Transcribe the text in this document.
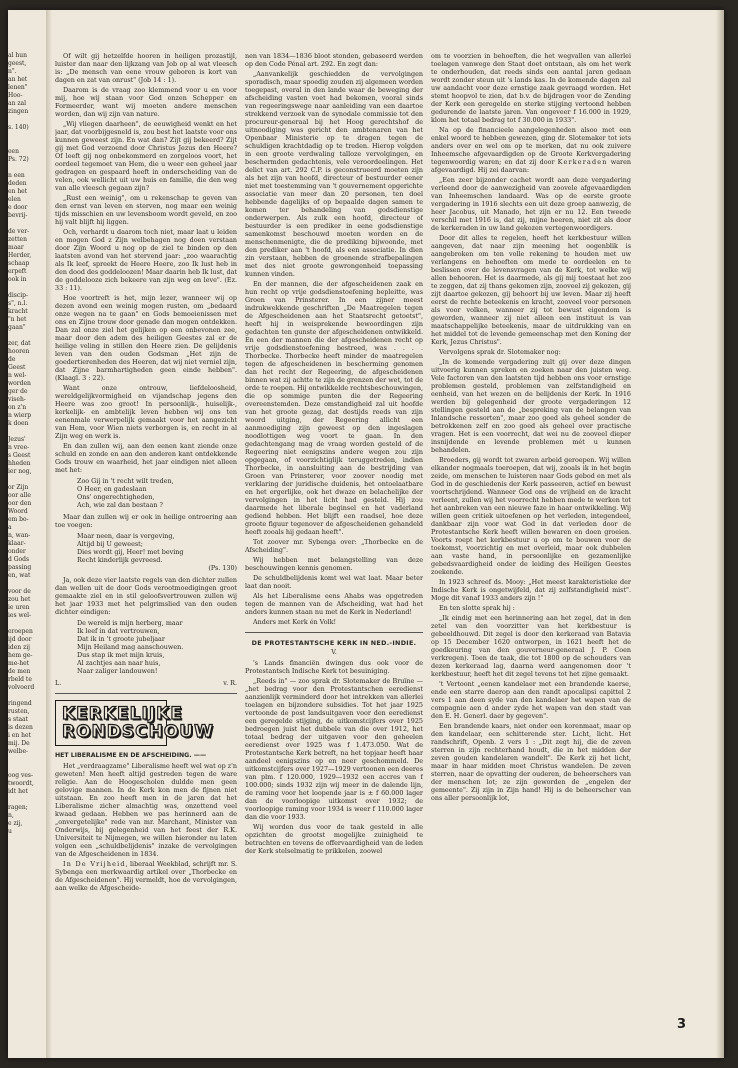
al hun
geest,
n".
an het
lenen"
Hoo-
an zal
zingen

s. 140)

een
Ps. 72)

n een
deden
en het
elen
e door
bevrij-

de ver-
zetten
maar
Herder,
schaap
erpeft
ook in

discip-
s", n.l.
kracht
"n het
gaan"

zer, dat
hooren
de
Geest
n wel-
worden
ger de
viseh-
on z'n
n wierp
k doen

Jezus'
n vree-
s Geest
hheden
ier nog,

or Zijn
oor alle
oor den
Woord
em bo-
a
n, wan-
klaar-
onder
d Gods
passing
en, wat

voor de
zou het
ie uren
ies wel-

eroepen
ijd door
iden zij
hem ge-
me-het
de men
rbeld te
volvoerd

ringend
rusten,
s staat
is dezen
i en het
mij. De
welbe-

oog ves-
twoordt,
idt het

ragen;
n,
e zij,
u

Of wilt gij hetzelfde hooren in heiligen prozastijl, luister dan naar den lijkzang van Job op al wat vleesch is: „De mensch van eene vrouw geboren is kort van dagen en zat van onrust" (Job 14 : 1).

Daarom is de vraag zoo klemmend voor u en voor mij, hoe wij staan voor God onzen Schepper en Formeerder, want wij moeten andere menschen worden, dan wij zijn van nature.

„Wij vliegen daarheen", de eeuwigheid wenkt en het jaar, dat voorbijgesneld is, zou best het laatste voor ons kunnen geweest zijn. En wat dan? Zijt gij bekeerd? Zijt gij met God verzoend door Christus Jezus den Heere? Of leeft gij nog onbekommerd en zorgeloos voort, het oordeel tegemoet van Hem, die u weer een geheel jaar gedragen en gespaard heeft in onderscheiding van de velen, ook wellicht uit uw huis en familie, die den weg van alle vleesch gegaan zijn?

„Rust een weinig", om u rekenschap te geven van den ernst van leven en sterven, nog maar een weinig tijds misschien en uw levensboom wordt geveld, en zoo hij valt blijft hij liggen.

Och, verhardt u daarom toch niet, maar laat u leiden en mogen God z Zijn welbehagen nog doen verstaan door Zijn Woord u nog op de ziel te binden op den laatsten avond van het stervend jaar: „zoo waarachtig als Ik leef, spreekt de Heere Heere, zoo Ik lust heb in den dood des goddeloozen! Maar daarin heb Ik lust, dat de goddelooze zich bekeere van zijn weg en leve". (Ez. 33 : 11).

Hoe voortreft is het, mijn lezer, wanneer wij op dezen avond een weinig mogen rusten, om „bedaard onze wegen na te gaan" en Gods bemoeienissen met ons en Zijne trouw door genade dan mogen ontdekken. Dan zal onze ziel het gelijken op een onbevonen zee, maar door den adem des heiligen Geestes zal er de heilige veling in stillen den Heere zien. De gelijdenis leven van den ouden Godsman „Het zijn de goedertierenheden des Heeren, dat wij niet verniel zijn, dat Zijne barmhartigheden geen einde hebben". (Klaagl. 3 : 22).

Want onze ontrouw, liefdeloosheid, wereldgelijkvormigheid en vijandschap jegens den Heere was zoo groot! In persoonlijk-, huiselijk-, kerkelijk- en ambtelijk leven hebben wij ons ten eenenmale verwerpelijk gemaakt voor het aangezicht van Hem, voor Wien niets verborgen is, en recht in al Zijn weg en werk is.

En dan zullen wij, aan den eenen kant ziende onze schuld en zonde en aan den anderen kant ontdekkende Gods trouw en waarheid, het jaar eindigen niet alleen met het:

Zoo Gij in 't recht wilt treden,
O Heer, en gadeslaan
Ons' ongerechtigheden,
Ach, wie zal dan bestaan ?

Maar dan zullen wij er ook in heilige ontroering aan toe voegen:

Maar neen, daar is vergeving,
Altijd bij U geweest;
Dies wordt gij, Heer! met beving
Recht kinderlijk gevreesd.
(Ps. 130)

Ja, ook deze vier laatste regels van den dichter zullen dan wellen uit de door Gods verootmoedigingen groot gemaakte ziel en in stil geloofsvertrouwen zullen wij het jaar 1933 met het pelgrimslied van den ouden dichter eindigen:

De wereld is mijn herberg, maar
Ik leef in dat vertrouwen,
Dat ik in 't groote jubeljaar
Mijn Heiland mag aanschouwen.
Dus stap ik met mijn kruis,
Al zachtjes aan naar huis,
Naar zaliger landouwen!
L.	v. R.
KERKELIJKE
RONDSCHOUW
HET LIBERALISME EN DE AFSCHEIDING. ——

Het „verdraagzame" Liberalisme heeft wel wat op z'n geweten! Men heeft altijd gestreden tegen de ware religie. Aan de Hoogescholen duldde men geen gelovige mannen. In de Kerk kon men de fijnen niet uitstaan. En zoo heeft men in de jaren dat het Liberalisme zicher almachtig was, onzettend veel kwaad gedaan. Hebben we pas herinnerd aan de „onvergetelijke" rede van mr. Marchant, Minister van Onderwijs, bij gelegenheid van het feest der R.K. Universiteit te Nijmegen, we willen hieronder nu laten volgen een „schuldbelijdenis" inzake de vervolgingen van de Afgescheidenen in 1834.

In De Vrijheid, liberaal Weekblad, schrijft mr. S. Sybenga een merkwaardig artikel over „Thorbecke en de Afgescheidenen". Hij vermeldt, hoe de vervolgingen, aan welke de Afgescheide-

nen van 1834—1836 bloot stonden, gebaseerd werden op den Code Pénal art. 292. En zegt dan:

„Aanvankelijk geschiedden de vervolgingen sporadisch, maar spoedig zouden zij algemeen worden toegepast, overal in den lande waar de beweging der afscheiding vasten voet had bekomen, vooral sinds van regeeringswege naar aanleiding van een daartoe strekkend verzoek van de synodale commissie tot den procureur-generaal bij het Hoog gerechtshof de uitnoodiging was gericht den ambtenaren van het Openbaar Ministerie op te dragen tegen de schuldigen krachtdadig op te treden. Hierop volgden in een groote verdwaling talloze vervolgingen, en beschermden gedachtenis, vele veroordeelingen. Het delict van art. 292 C.P. is geconstrueerd moeten zijn als het zijn van hoofd, directeur of bestuurder eener niet met toestemming van 't gouvernement opgerichte associatie van meer dan 20 personen, ten doel hebbende dagelijks of op bepaalde dagen samen te komen ter behandeling van godsdienstige onderwerpen. Als zulk een hoofd, directeur of bestuurder is een prediker in eene godsdienstige samenkomst beschouwd moeten worden en de menschenmenigte, die de prediking bijwoonde, met den prediker aan 't hoofd, als een associatie. In dien zin verstaan, hebben de groenende strafbepalingen met des niet groote gewrongenheid toepassing kunnen vinden.

En der mannen, die der afgescheidenen zaak en hun recht op vrije godsdienstoefening bepleitte, was Groen van Prinsterer. In een zijner meest indrukwekkende geschriften „De Maatregelen tegen de Afgescheidenen aan het Staatsrecht getoetst", heeft hij in weisprekende bewoordingen zijn gedachten ten gunste der afgescheidenen ontwikkeld. En een der mannen die der afgescheidenen recht op vrije godsdienstoefening bestreed, was . . . . Thorbecke. Thorbecke heeft minder de maatregelen tegen de afgescheidenen in bescherming genomen dan het recht der Regeering, de afgescheidenen binnen wat zij achtte te zijn de grenzen der wet, tot de orde te roepen. Hij ontwikkelde rechtsbeschouwingen, die op sommige punten die der Regeering overeenstemden. Deze omstandigheid zal uit hoofde van het groote gezag, dat destijds reeds van zijn woord uitging, der Regeering allicht een aanmoediging zijn geweest op den ingeslagen noodlottigen weg voort te gaan. In den gedachtengang mag de vraag worden gesteld of de Regeering niet eenigszins andere wegen zou zijn opgegaan, of voorzichtiglijk teruggetreden, indien Thorbecke, in aansluiting aan de bestrijding van Groen van Prinsterer, voor zoover noodig met verklaring der juridische duidenis, het ontoelaatbare en het ergerlijke, ook het dwaze en belachelijke der vervolgingen in het licht had gesteld. Hij zou daarmede het liberale beginsel en het vaderland gediend hebben. Het blijft een raadsel, hoe deze groote figuur tegenover de afgescheidenen gehandeld heeft zooals hij gedaan heeft".

Tot zoover mr. Sybenga over: „Thorbecke en de Afscheiding".

Wij hebben met belangstelling van deze beschouwingen kennis genomen.

De schuldbelijdenis komt wel wat laat. Maar beter laat dan nooit.

Als het Liberalisme eens Ahabs was opgetreden tegen de mannen van de Afscheiding, wat had het anders kunnen staan nu met de Kerk in Nederland!

Anders met Kerk én Volk!

DE PROTESTANTSCHE KERK IN NED.-INDIE.
V.

's Lands financiën dwingen dus ook voor de Protestantsch Indische Kerk tot besuiniging.

„Reeds in" — zoo sprak dr. Slotemaker de Bruïne — „het bedrag voor den Protestantschen eeredienst aanzienlijk verminderd door het intrekken van allerlei toelagen en bijzondere subsidies. Tot het jaar 1925 vertoonde de post landsuitgaven voor den eeredienst een geregelde stijging, de uitkomstcijfers over 1925 bedroegen juist het dubbele van die over 1912, het totaal bedrag der uitgaven voor den geheelen eeredienst over 1925 was f 1.473.050. Wat de Protestantsche Kerk betreft, na het topjaar heeft haar aandeel eenigszins op en neer geschommeld. De uitkomstcijfers over 1927—1929 vertoonen een deeres van plm. f 120.000, 1929—1932 een accres van f 100.000; sinds 1932 zijn wij meer in de dalende lijn, de raming voor het loopende jaar is ± f 60.000 lager dan de voorloopige uitkomst over 1932; de voorloopige raming voor 1934 is weer f 110.000 lager dan die voor 1933.

Wij worden dus voor de taak gesteld in alle opzichten de grootst mogelijke zuinigheid te betrachten en tevens de offervaardigheid van de leden der Kerk stelselmatig te prikkelen, zoowel

om te voorzien in behoeften, die het wegvallen van allerlei toelagen vanwege den Staat doet ontstaan, als om het werk te onderhouden, dat reeds sinds een aantal jaren gedaan wordt zonder steun uit 's lands kas. In de komende dagen zal uw aandacht voor deze ernstige zaak gevraagd worden. Het stemt hoopvol te zien, dat b.v. de bijdragen voor de Zending der Kerk een geregelde en sterke stijging vertoond hebben gedurende de laatste jaren. Van ongeveer f 16.000 in 1929, klom het totaal bedrag tot f 30.000 in 1933".

Na op de financieele aangelegenheden alsoo met een enkel woord te hebben gewezen, ging dr. Slotemaker tot iets anders over en wel om op te merken, dat nu ook zuivere Inheemsche afgevaardigden op de Groote Kerkvergadering tegenwoordig waren; en dat zij door Kerkeraden waren afgevaardigd. Hij zei daarvan:

„Een zeer bijzonder cachet wordt aan deze vergadering verleend door de aanwezigheid van zoovele afgevaardigden van Inheemschen landaard. Was op de eerste groote vergadering in 1916 slechts een uit deze groep aanwezig, de heer Jacobus, uit Manado, het zijn er nu 12. Een tweede verschil met 1916 is, dat zij, mijne heeren, niet zit als door de kerkeraden in uw land gekozen vertegenwoordigers.

Door dit alles te regelen, heeft het kerkbestuur willen aangeven, dat naar zijn meening het oogenblik is aangebroken om ten volle rekening te houden met uw verlangens en behoeften om mede te oordeelen en te beslissen over de levensvragen van de Kerk, tot welke wij allen behooren. Het is daarmede, als gij mij toestaat het zoo te zeggen, dat zij thans gekomen zijn, zooveel zij gekozen, gij zijt daartoe gekozen, gij behoort bij uw leven. Maar zij heeft eerst de rechte beteekenis en kracht, zooveel voor personen als voor volken, wanneer zij tot bewust eigendom is geworden, wanneer zij niet alleen een instituut is van maatschappelijke beteekenis, maar de uitdrukking van en het middel tot de levende gemeenschap met den Koning der Kerk, Jezus Christus".

Vervolgens sprak dr. Slotemaker nog:

„In de komende vergadering zult gij over deze dingen uitvoerig kunnen spreken en zoeken naar den juisten weg. Vele factoren van den laatsten tijd hebben ons voor ernstige problemen gesteld, problemen van zelfstandigheid en eenheid, van het wezen en de belijdenis der Kerk. In 1916 werden bij gelegenheid der groote vergaderingen 12 stellingen gesteld aan de „bespreking van de belangen van Inlandsche ressorten", maar zoo goed als geheel sonder de betrokkenen zelf en zoo goed als geheel over practische vragen. Het is een voorrecht, dat wei nu de zooveel dieper insnijdende en levende problemen mét u kunnen behandelen.

Broeders, gij wordt tot zwaren arbeid geroepen. Wij willen elkander nogmaals toeroepen, dat wij, zooals ik in het begin zeide, om menschen te luisteren naar Gods gebod en met als God in de geschiedenis der Kerk passeeren, actief en bewust voortschrijdend. Wanneer God ons de vrijheid en de kracht verleent, zullen wij het voorrecht hebben mede te werken tot het aanbreken van een nieuwe faze in haar ontwikkeling. Wij willen geen critiek uitoefenen op het verleden, integendeel, dankbaar zijn voor wat God in dat verleden door de Protestantsche Kerk heeft willen bewaren en doen groeien. Voorts roept het kerkbestuur u op om te bouwen voor de toekomst, voorzichtig en met overleid, maar ook dubbelen aan vaste hand, in persoonlijke en gezamenlijke gebedsvaardigheid onder de leiding des Heiligen Geestes zoekende.

In 1923 schreef ds. Mooy: „Het meest karakteristieke der Indische Kerk is ongetwijfeld, dat zij zelfstandigheid mist". Moge dit vanaf 1933 anders zijn !"

En ten slotte sprak hij :

„Ik eindig met een herinnering aan het zegel, dat in den zetel van den voorzitter van het kerkbestuur is gebeeldhouwd. Dit zegel is door den kerkeraad van Batavia op 15 December 1620 ontworpen, in 1621 heeft het de goedkeuring van den gouverneur-generaal J. P. Coen verkregen). Toen de taak, die tot 1800 op de schouders van dezen kerkeraad lag, daarna werd aangenomen door 't kerkbestuur, heeft het dit zegel tevens tot het zijne gemaakt.

't Vertoont „eenen kandelaer met een brandende kaerse, ende een starre daerop aan den randt apocalipsi capittel 2 vers 1 aan deen syde van den kandelaer het wapen van de compagnie aen d ander zyde het wapen van den stadt van den E. H. Generl. daer by gegeven".

Een brandende kaars, niet onder een korenmaat, maar op den kandelaar, een schitterende ster. Licht, licht. Het randschrift, Openb. 2 vers 1 : „Dit zegt hij, die de zeven sterren in zijn rechterhand houdt, die in het midden der zeven gouden kandelaren wandelt". De Kerk zij het licht, maar in haar midden moet Christus wandelen. De zeven sterren, naar de opvatting der ouderen, de beheerschers van der menschen lot; ze zijn geworden de „engelen der gemeente". Zij zijn in Zijn hand! Hij is de beheerscher van ons aller persoonlijk lot,

3
